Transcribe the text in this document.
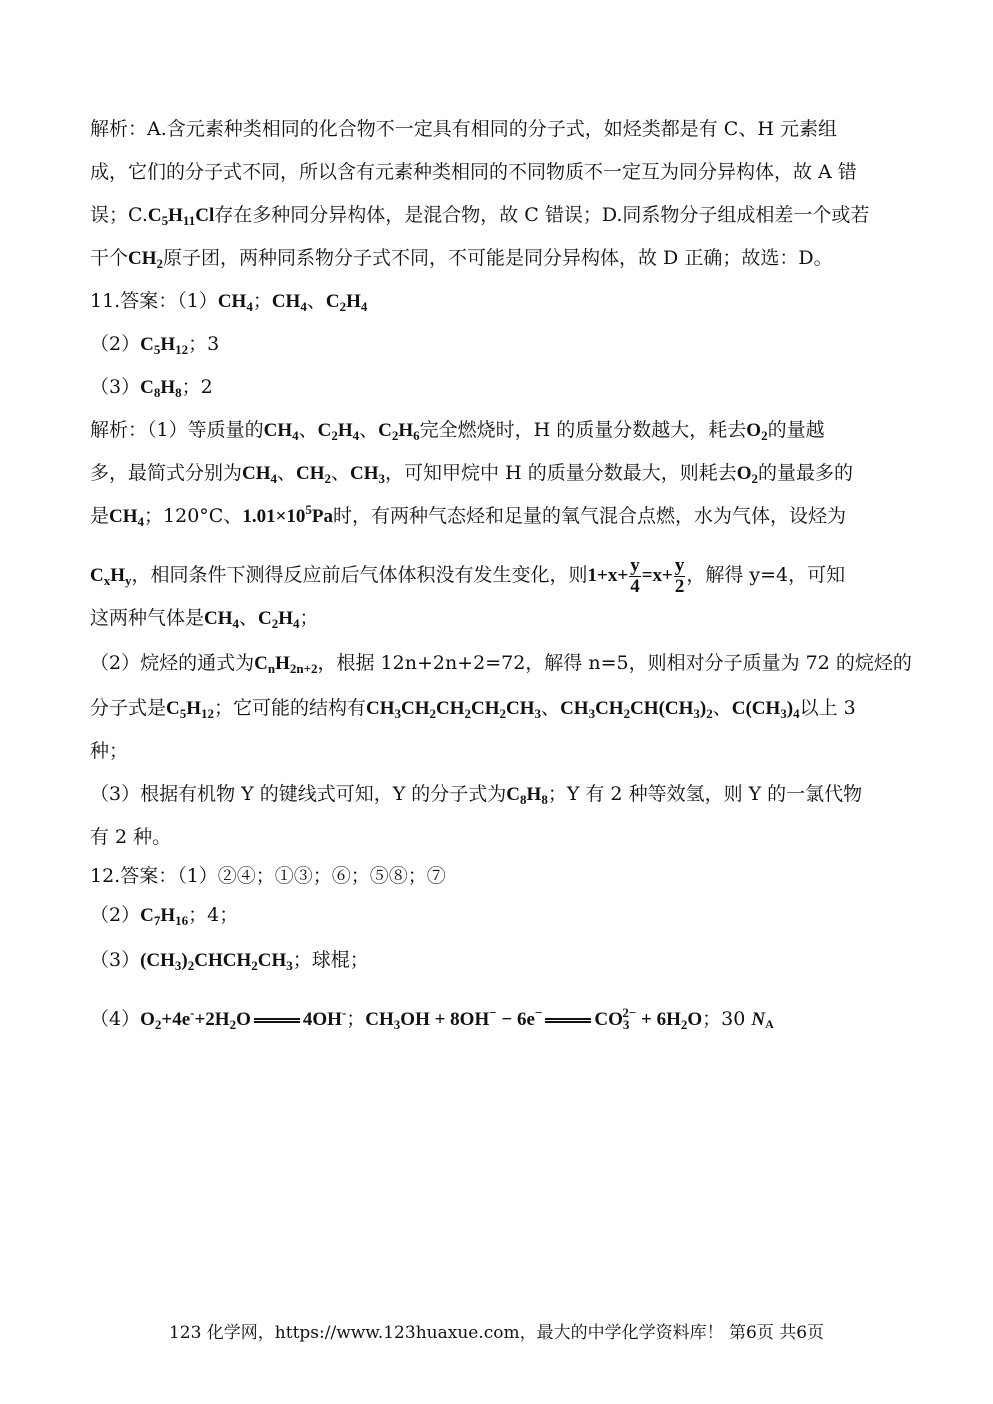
解析：A.含元素种类相同的化合物不一定具有相同的分子式，如烃类都是有 C、H 元素组

成，它们的分子式不同，所以含有元素种类相同的不同物质不一定互为同分异构体，故 A 错

误；$C.C_5H_{11}Cl$存在多种同分异构体，是混合物，故 C 错误；D.同系物分子组成相差一个或若

干个$CH_2$原子团，两种同系物分子式不同，不可能是同分异构体，故 D 正确；故选：D。

11.答案：$(1)CH_4$；$CH_4$、$C_2H_4$

$(2)C_5H_{12}$；3

$(3)C_8H_8$；2

解析：（1）等质量的$CH_4$、$C_2H_4$、$C_2H_6$完全燃烧时，H 的质量分数越大，耗去$O_2$的量越

多，最简式分别为$CH_4$、$CH_2$、$CH_3$，可知甲烷中 H 的质量分数最大，则耗去$O_2$的量最多的

是$CH_4$；120°C、$1.01\times 10^5Pa$时，有两种气态烃和足量的氧气混合点燃，水为气体，设烃为

$C_xH_y$，相同条件下测得反应前后气体体积没有发生变化，则$1+x+ \frac{y}{4} =x+ \frac{y}{2}$ ，解得 y=4，可知

这两种气体是$CH_4$、$C_2H_4$；

（2）烷烃的通式为$C_nH_{2n+2}$，根据 12n+2n+2=72，解得 n=5，则相对分子质量为 72 的烷烃的

分子式是$C_5H_{12}$；它可能的结构有$CH_3CH_2CH_2CH_2CH_3$、$CH_3CH_2CH(CH_3)_2$、$C(CH_3)_4$以上 3

种；

（3）根据有机物 Y 的键线式可知，Y 的分子式为$C_8H_8$；Y 有 2 种等效氢，则 Y 的一氯代物

有 2 种。

12.答案：（1）②④；①③；⑥；⑤⑧；⑦

$(2)C_7H_{16}$；4；

$(3)(CH_3)_2CHCH_2CH_3$；球棍；

$(4)O_2+4e^-+2H_2O$	4OH-；$CH_3OH + 8OH^- - 6e^-$	$CO_3^{2-} + 6H_2O$；30 $N_A$

123 化学网，https://www.123huaxue.com，最大的中学化学资料库！ 第6页 共6页
